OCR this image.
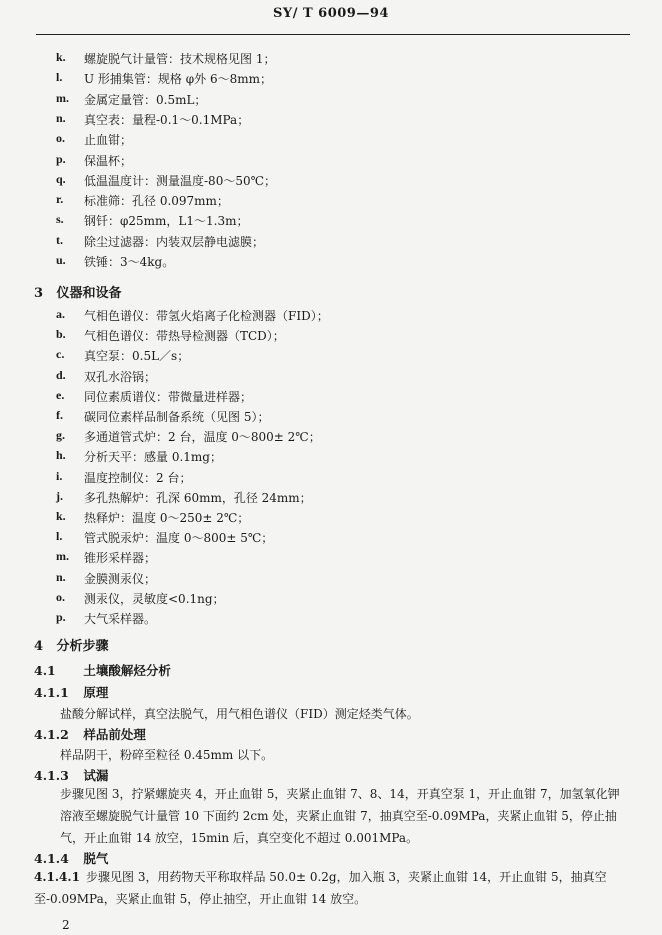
SY/ T 6009—94
k. 螺旋脱气计量管：技术规格见图 1；
l. U 形捕集管：规格 φ外 6～8mm；
m. 金属定量管：0.5mL；
n. 真空表：量程-0.1～0.1MPa；
o. 止血钳；
p. 保温杯；
q. 低温温度计：测量温度-80～50℃；
r. 标准筛：孔径 0.097mm；
s. 钢钎：φ25mm，L1～1.3m；
t. 除尘过滤器：内装双层静电滤膜；
u. 铁锤：3～4kg。
3 仪器和设备
a. 气相色谱仪：带氢火焰离子化检测器（FID）；
b. 气相色谱仪：带热导检测器（TCD）；
c. 真空泵：0.5L／s；
d. 双孔水浴锅；
e. 同位素质谱仪：带微量进样器；
f. 碳同位素样品制备系统（见图 5）；
g. 多通道管式炉：2 台，温度 0～800± 2℃；
h. 分析天平：感量 0.1mg；
i. 温度控制仪：2 台；
j. 多孔热解炉：孔深 60mm，孔径 24mm；
k. 热释炉：温度 0～250± 2℃；
l. 管式脱汞炉：温度 0～800± 5℃；
m. 锥形采样器；
n. 金膜测汞仪；
o. 测汞仪，灵敏度<0.1ng；
p. 大气采样器。
4 分析步骤
4.1 土壤酸解烃分析
4.1.1 原理
盐酸分解试样，真空法脱气，用气相色谱仪（FID）测定烃类气体。
4.1.2 样品前处理
样品阴干，粉碎至粒径 0.45mm 以下。
4.1.3 试漏
步骤见图 3，拧紧螺旋夹 4，开止血钳 5，夹紧止血钳 7、8、14，开真空泵 1，开止血钳 7，加氢氧化钾溶液至螺旋脱气计量管 10 下面约 2cm 处，夹紧止血钳 7，抽真空至-0.09MPa，夹紧止血钳 5，停止抽气，开止血钳 14 放空，15min 后，真空变化不超过 0.001MPa。
4.1.4 脱气
4.1.4.1 步骤见图 3，用药物天平称取样品 50.0± 0.2g，加入瓶 3，夹紧止血钳 14，开止血钳 5，抽真空至-0.09MPa，夹紧止血钳 5，停止抽空，开止血钳 14 放空。
2
